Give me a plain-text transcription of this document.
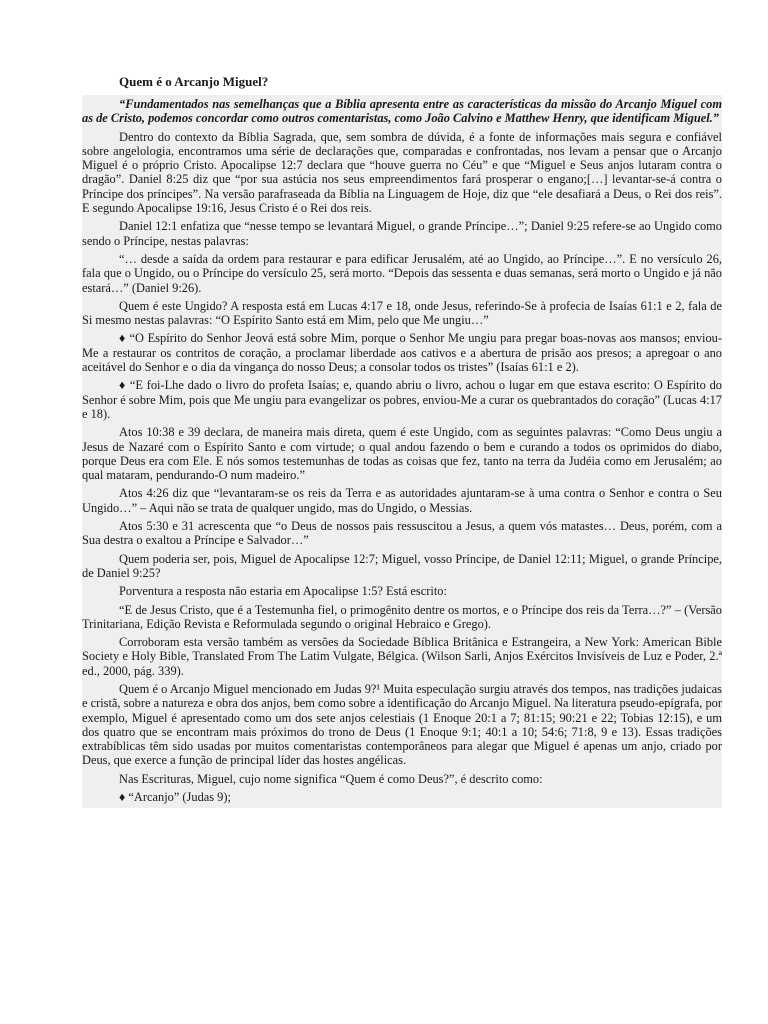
Quem é o Arcanjo Miguel?

“Fundamentados nas semelhanças que a Bíblia apresenta entre as características da missão do Arcanjo Miguel com as de Cristo, podemos concordar como outros comentaristas, como João Calvino e Matthew Henry, que identificam Miguel.”

Dentro do contexto da Bíblia Sagrada, que, sem sombra de dúvida, é a fonte de informações mais segura e confiável sobre angelologia, encontramos uma série de declarações que, comparadas e confrontadas, nos levam a pensar que o Arcanjo Miguel é o próprio Cristo. Apocalipse 12:7 declara que “houve guerra no Céu” e que “Miguel e Seus anjos lutaram contra o dragão”. Daniel 8:25 diz que “por sua astúcia nos seus empreendimentos fará prosperar o engano;[…] levantar-se-á contra o Príncipe dos príncipes”. Na versão parafraseada da Bíblia na Linguagem de Hoje, diz que “ele desafiará a Deus, o Rei dos reis”. E segundo Apocalipse 19:16, Jesus Cristo é o Rei dos reis.

Daniel 12:1 enfatiza que “nesse tempo se levantará Miguel, o grande Príncipe…”; Daniel 9:25 refere-se ao Ungido como sendo o Príncipe, nestas palavras:

“… desde a saída da ordem para restaurar e para edificar Jerusalém, até ao Ungido, ao Príncipe…”. E no versículo 26, fala que o Ungido, ou o Príncipe do versículo 25, será morto. “Depois das sessenta e duas semanas, será morto o Ungido e já não estará…” (Daniel 9:26).

Quem é este Ungido? A resposta está em Lucas 4:17 e 18, onde Jesus, referindo-Se à profecia de Isaías 61:1 e 2, fala de Si mesmo nestas palavras: “O Espírito Santo está em Mim, pelo que Me ungiu…”

♦ “O Espírito do Senhor Jeová está sobre Mim, porque o Senhor Me ungiu para pregar boas-novas aos mansos; enviou-Me a restaurar os contritos de coração, a proclamar liberdade aos cativos e a abertura de prisão aos presos; a apregoar o ano aceitável do Senhor e o dia da vingança do nosso Deus; a consolar todos os tristes” (Isaías 61:1 e 2).

♦ “E foi-Lhe dado o livro do profeta Isaías; e, quando abriu o livro, achou o lugar em que estava escrito: O Espírito do Senhor é sobre Mim, pois que Me ungiu para evangelizar os pobres, enviou-Me a curar os quebrantados do coração” (Lucas 4:17 e 18).

Atos 10:38 e 39 declara, de maneira mais direta, quem é este Ungido, com as seguintes palavras: “Como Deus ungiu a Jesus de Nazaré com o Espírito Santo e com virtude; o qual andou fazendo o bem e curando a todos os oprimidos do diabo, porque Deus era com Ele. E nós somos testemunhas de todas as coisas que fez, tanto na terra da Judéia como em Jerusalém; ao qual mataram, pendurando-O num madeiro.”

Atos 4:26 diz que “levantaram-se os reis da Terra e as autoridades ajuntaram-se à uma contra o Senhor e contra o Seu Ungido…” – Aqui não se trata de qualquer ungido, mas do Ungido, o Messias.

Atos 5:30 e 31 acrescenta que “o Deus de nossos pais ressuscitou a Jesus, a quem vós matastes… Deus, porém, com a Sua destra o exaltou a Príncipe e Salvador…”

Quem poderia ser, pois, Miguel de Apocalipse 12:7; Miguel, vosso Príncipe, de Daniel 12:11; Miguel, o grande Príncipe, de Daniel 9:25?

Porventura a resposta não estaria em Apocalipse 1:5? Está escrito:

“E de Jesus Cristo, que é a Testemunha fiel, o primogênito dentre os mortos, e o Príncipe dos reis da Terra…?” – (Versão Trinitariana, Edição Revista e Reformulada segundo o original Hebraico e Grego).

Corroboram esta versão também as versões da Sociedade Bíblica Britânica e Estrangeira, a New York: American Bible Society e Holy Bible, Translated From The Latim Vulgate, Bélgica. (Wilson Sarli, Anjos Exércitos Invisíveis de Luz e Poder, 2.ª ed., 2000, pág. 339).

Quem é o Arcanjo Miguel mencionado em Judas 9?¹ Muita especulação surgiu através dos tempos, nas tradições judaicas e cristã, sobre a natureza e obra dos anjos, bem como sobre a identificação do Arcanjo Miguel. Na literatura pseudo-epígrafa, por exemplo, Miguel é apresentado como um dos sete anjos celestiais (1 Enoque 20:1 a 7; 81:15; 90:21 e 22; Tobias 12:15), e um dos quatro que se encontram mais próximos do trono de Deus (1 Enoque 9:1; 40:1 a 10; 54:6; 71:8, 9 e 13). Essas tradições extrabíblicas têm sido usadas por muitos comentaristas contemporâneos para alegar que Miguel é apenas um anjo, criado por Deus, que exerce a função de principal líder das hostes angélicas.

Nas Escrituras, Miguel, cujo nome significa “Quem é como Deus?”, é descrito como:

♦ “Arcanjo” (Judas 9);
